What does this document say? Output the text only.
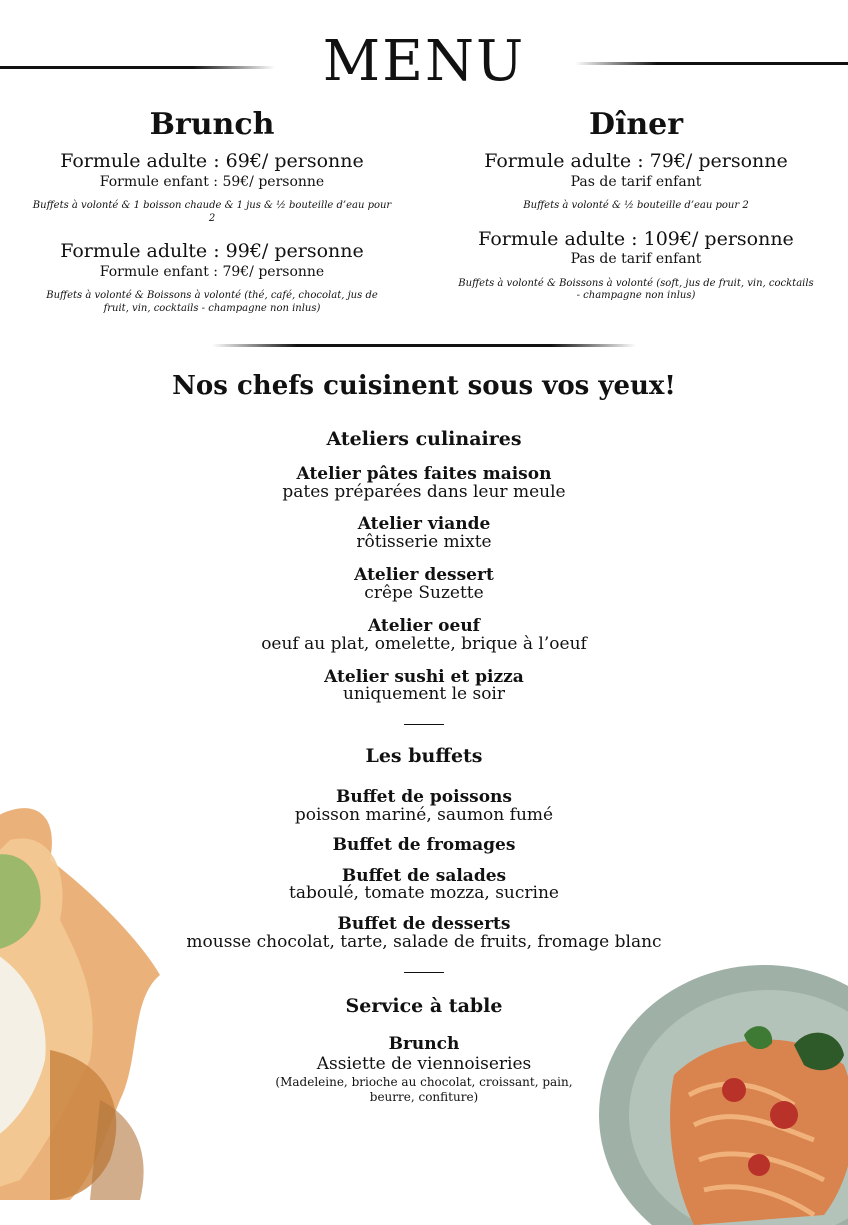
MENU
Brunch
Formule adulte : 69€/ personne
Formule enfant : 59€/ personne
Buffets à volonté & 1 boisson chaude & 1 jus & ½ bouteille d’eau pour 2
Formule adulte : 99€/ personne
Formule enfant : 79€/ personne
Buffets à volonté & Boissons à volonté (thé, café, chocolat, jus de fruit, vin, cocktails - champagne non inlus)
Dîner
Formule adulte : 79€/ personne
Pas de tarif enfant
Buffets à volonté & ½ bouteille d’eau pour 2
Formule adulte : 109€/ personne
Pas de tarif enfant
Buffets à volonté & Boissons à volonté (soft, jus de fruit, vin, cocktails - champagne non inlus)
Nos chefs cuisinent sous vos yeux!
Ateliers culinaires
Atelier pâtes faites maison
pates préparées dans leur meule
Atelier viande
rôtisserie mixte
Atelier dessert
crêpe Suzette
Atelier oeuf
oeuf au plat, omelette, brique à l’oeuf
Atelier sushi et pizza
uniquement le soir
Les buffets
Buffet de poissons
poisson mariné, saumon fumé
Buffet de fromages
Buffet de salades
taboulé, tomate mozza, sucrine
Buffet de desserts
mousse chocolat, tarte, salade de fruits, fromage blanc
Service à table
Brunch
Assiette de viennoiseries
(Madeleine, brioche au chocolat, croissant, pain, beurre, confiture)
